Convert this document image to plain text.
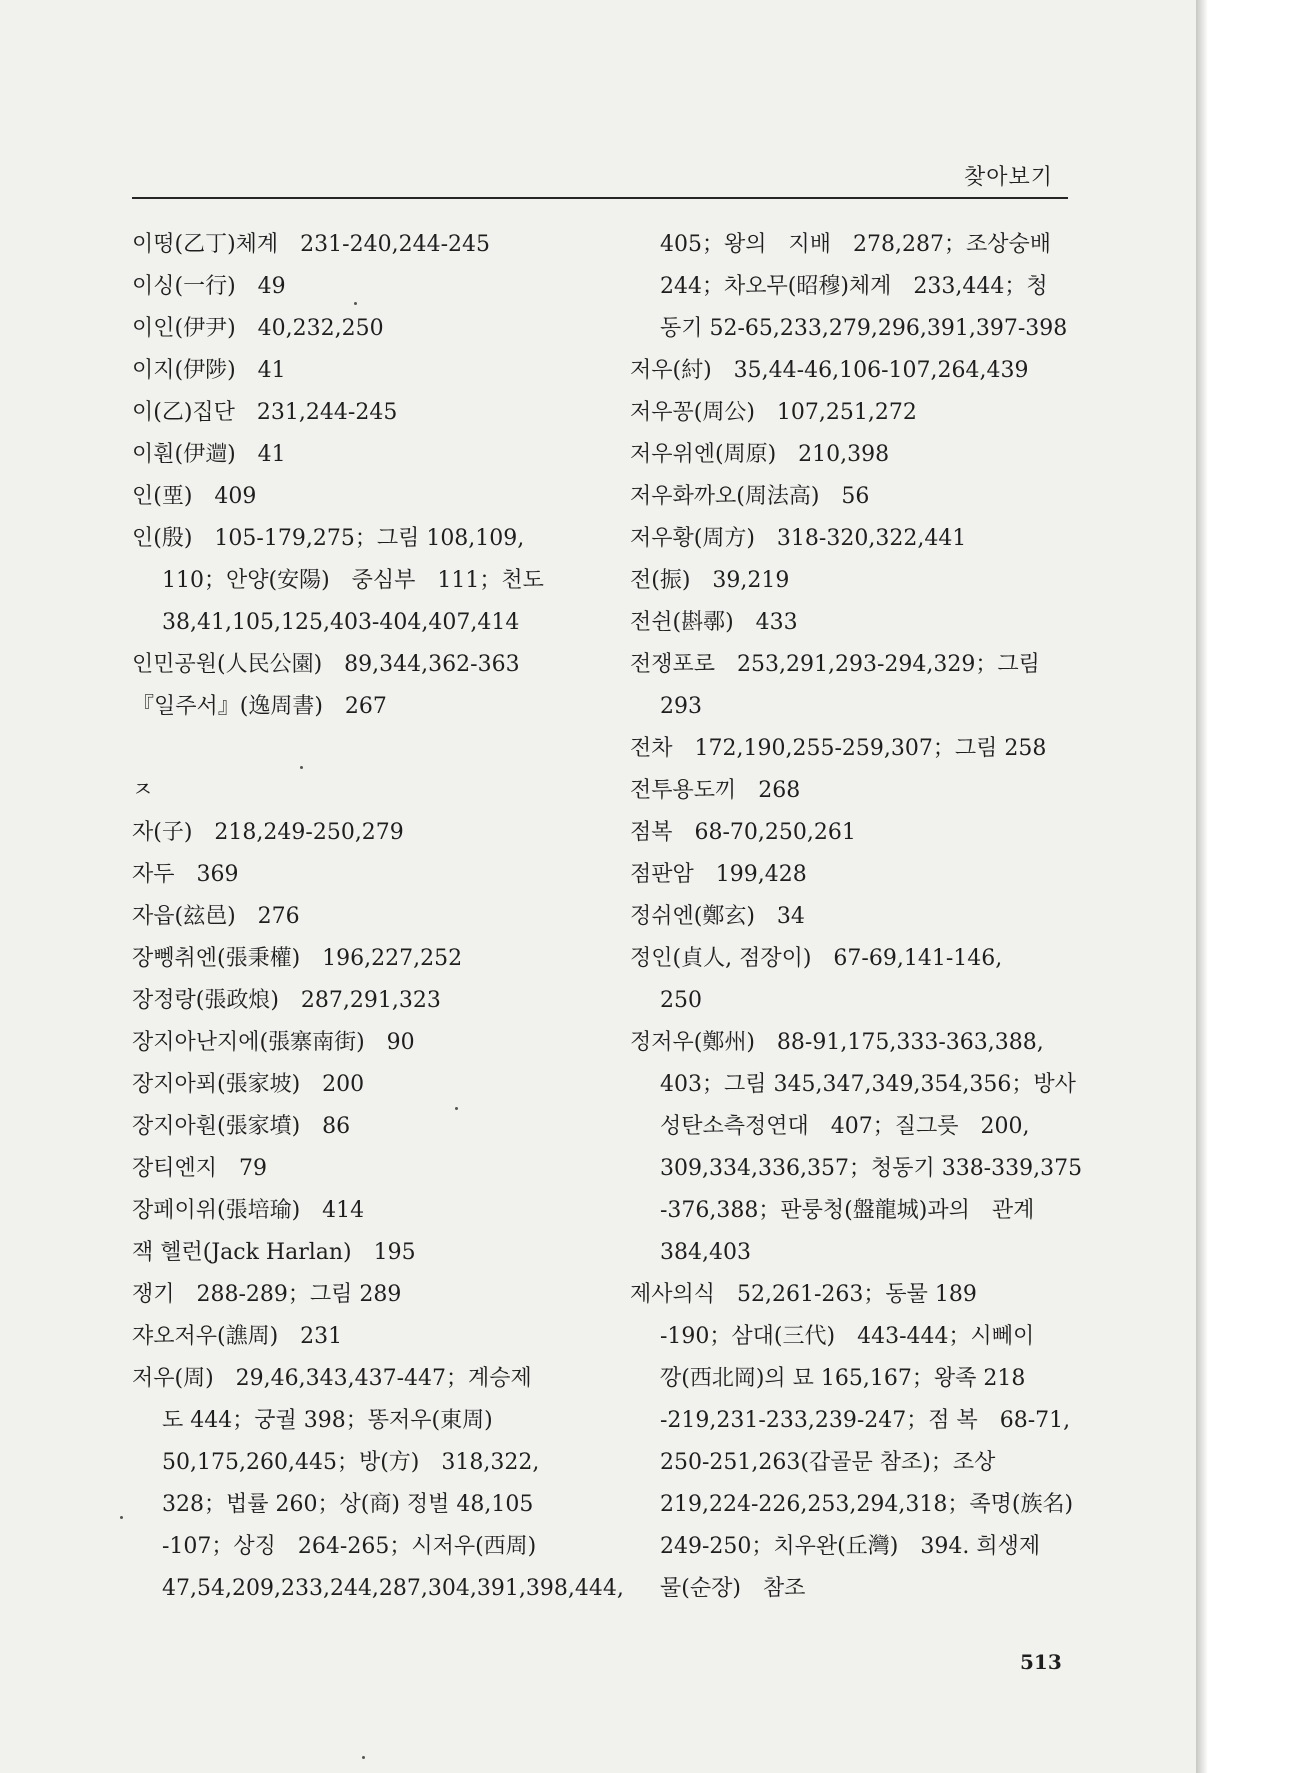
찾아보기
이떵(乙丁)체계　231-240,244-245
이싱(一行)　49
이인(伊尹)　40,232,250
이지(伊陟)　41
이(乙)집단　231,244-245
이훤(伊𨗞)　41
인(垔)　409
인(殷)　105-179,275；그림 108,109,
110；안양(安陽)　중심부　111；천도
38,41,105,125,403-404,407,414
인민공원(人民公園)　89,344,362-363
『일주서』(逸周書)　267
ㅈ
자(子)　218,249-250,279
자두　369
자읍(玆邑)　276
장뼁취엔(張秉權)　196,227,252
장정랑(張政烺)　287,291,323
장지아난지에(張寨南街)　90
장지아푀(張家坡)　200
장지아훤(張家墳)　86
장티엔지　79
장페이위(張培瑜)　414
잭 헬런(Jack Harlan)　195
쟁기　288-289；그림 289
쟈오저우(譙周)　231
저우(周)　29,46,343,437-447；계승제
도 444；궁궐 398；똥저우(東周)
50,175,260,445；방(方)　318,322,
328；법률 260；상(商) 정벌 48,105
-107；상징　264-265；시저우(西周)
47,54,209,233,244,287,304,391,398,444,
405；왕의　지배　278,287；조상숭배
244；차오무(昭穆)체계　233,444；청
동기 52-65,233,279,296,391,397-398
저우(紂)　35,44-46,106-107,264,439
저우꽁(周公)　107,251,272
저우위엔(周原)　210,398
저우화까오(周法高)　56
저우황(周方)　318-320,322,441
전(振)　39,219
전쉰(斟鄩)　433
전쟁포로　253,291,293-294,329；그림
293
전차　172,190,255-259,307；그림 258
전투용도끼　268
점복　68-70,250,261
점판암　199,428
정쉬엔(鄭玄)　34
정인(貞人, 점장이)　67-69,141-146,
250
정저우(鄭州)　88-91,175,333-363,388,
403；그림 345,347,349,354,356；방사
성탄소측정연대　407；질그릇　200,
309,334,336,357；청동기 338-339,375
-376,388；판룽청(盤龍城)과의　관계
384,403
제사의식　52,261-263；동물 189
-190；삼대(三代)　443-444；시뻬이
깡(西北岡)의 묘 165,167；왕족 218
-219,231-233,239-247；점 복　68-71,
250-251,263(갑골문 참조)；조상
219,224-226,253,294,318；족명(族名)
249-250；치우완(丘灣)　394. 희생제
물(순장)　참조
513
